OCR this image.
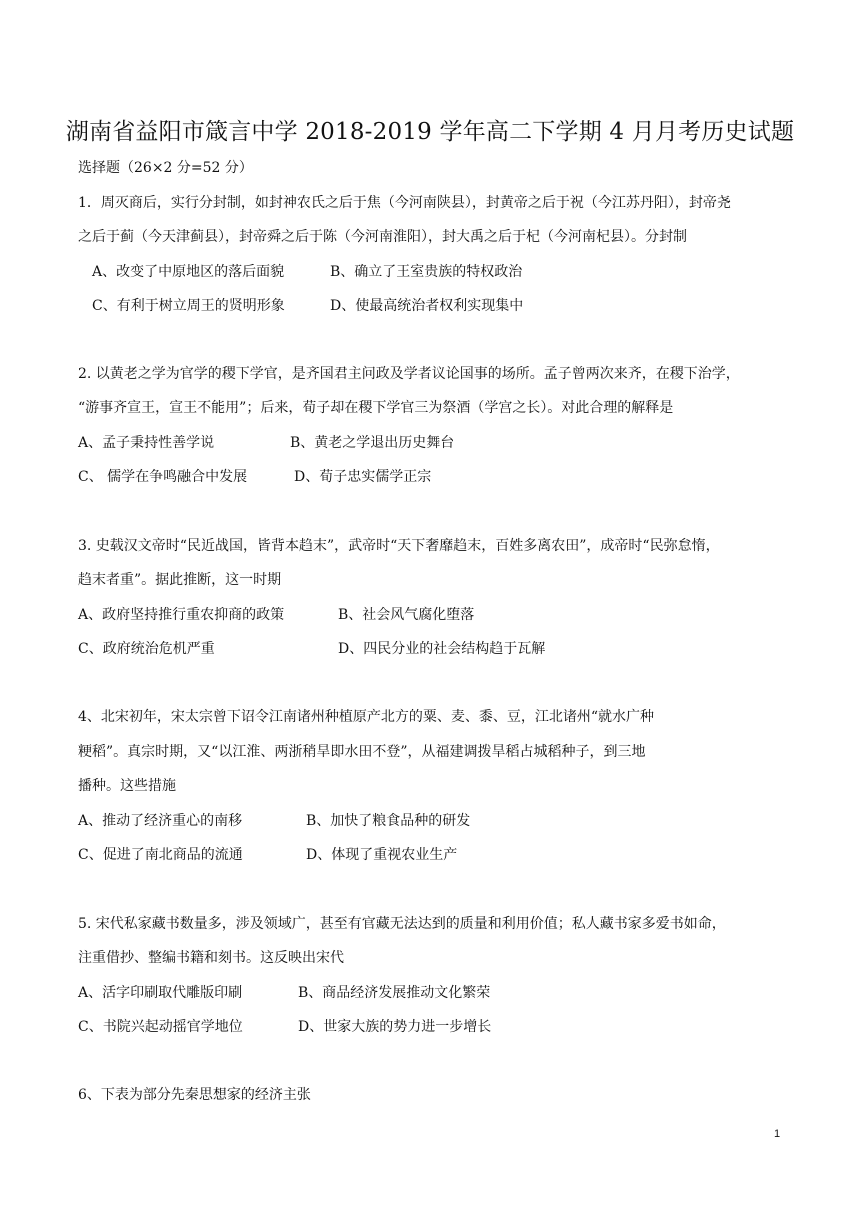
湖南省益阳市箴言中学 2018-2019 学年高二下学期 4 月月考历史试题
选择题（26×2 分=52 分）
1．周灭商后，实行分封制，如封神农氏之后于焦（今河南陕县），封黄帝之后于祝（今江苏丹阳），封帝尧
之后于蓟（今天津蓟县），封帝舜之后于陈（今河南淮阳），封大禹之后于杞（今河南杞县）。分封制
A、改变了中原地区的落后面貌	B、确立了王室贵族的特权政治
C、有利于树立周王的贤明形象	D、使最高统治者权利实现集中
2. 以黄老之学为官学的稷下学官，是齐国君主问政及学者议论国事的场所。孟子曾两次来齐，在稷下治学，
“游事齐宣王，宣王不能用”；后来，荀子却在稷下学官三为祭酒（学宫之长）。对此合理的解释是
A、孟子秉持性善学说	B、黄老之学退出历史舞台
C、 儒学在争鸣融合中发展	D、荀子忠实儒学正宗
3. 史载汉文帝时“民近战国，皆背本趋末”，武帝时“天下奢靡趋末，百姓多离农田”，成帝时“民弥怠惰，
趋末者重”。据此推断，这一时期
A、政府坚持推行重农抑商的政策	B、社会风气腐化堕落
C、政府统治危机严重	D、四民分业的社会结构趋于瓦解
4、北宋初年，宋太宗曾下诏令江南诸州种植原产北方的粟、麦、黍、豆，江北诸州“就水广种
粳稻”。真宗时期，又“以江淮、两浙稍旱即水田不登”，从福建调拨旱稻占城稻种子，到三地
播种。这些措施
A、推动了经济重心的南移	B、加快了粮食品种的研发
C、促进了南北商品的流通	D、体现了重视农业生产
5. 宋代私家藏书数量多，涉及领域广，甚至有官藏无法达到的质量和利用价值；私人藏书家多爱书如命，
注重借抄、整编书籍和刻书。这反映出宋代
A、活字印刷取代雕版印刷	B、商品经济发展推动文化繁荣
C、书院兴起动摇官学地位	D、世家大族的势力进一步增长
6、下表为部分先秦思想家的经济主张
1
